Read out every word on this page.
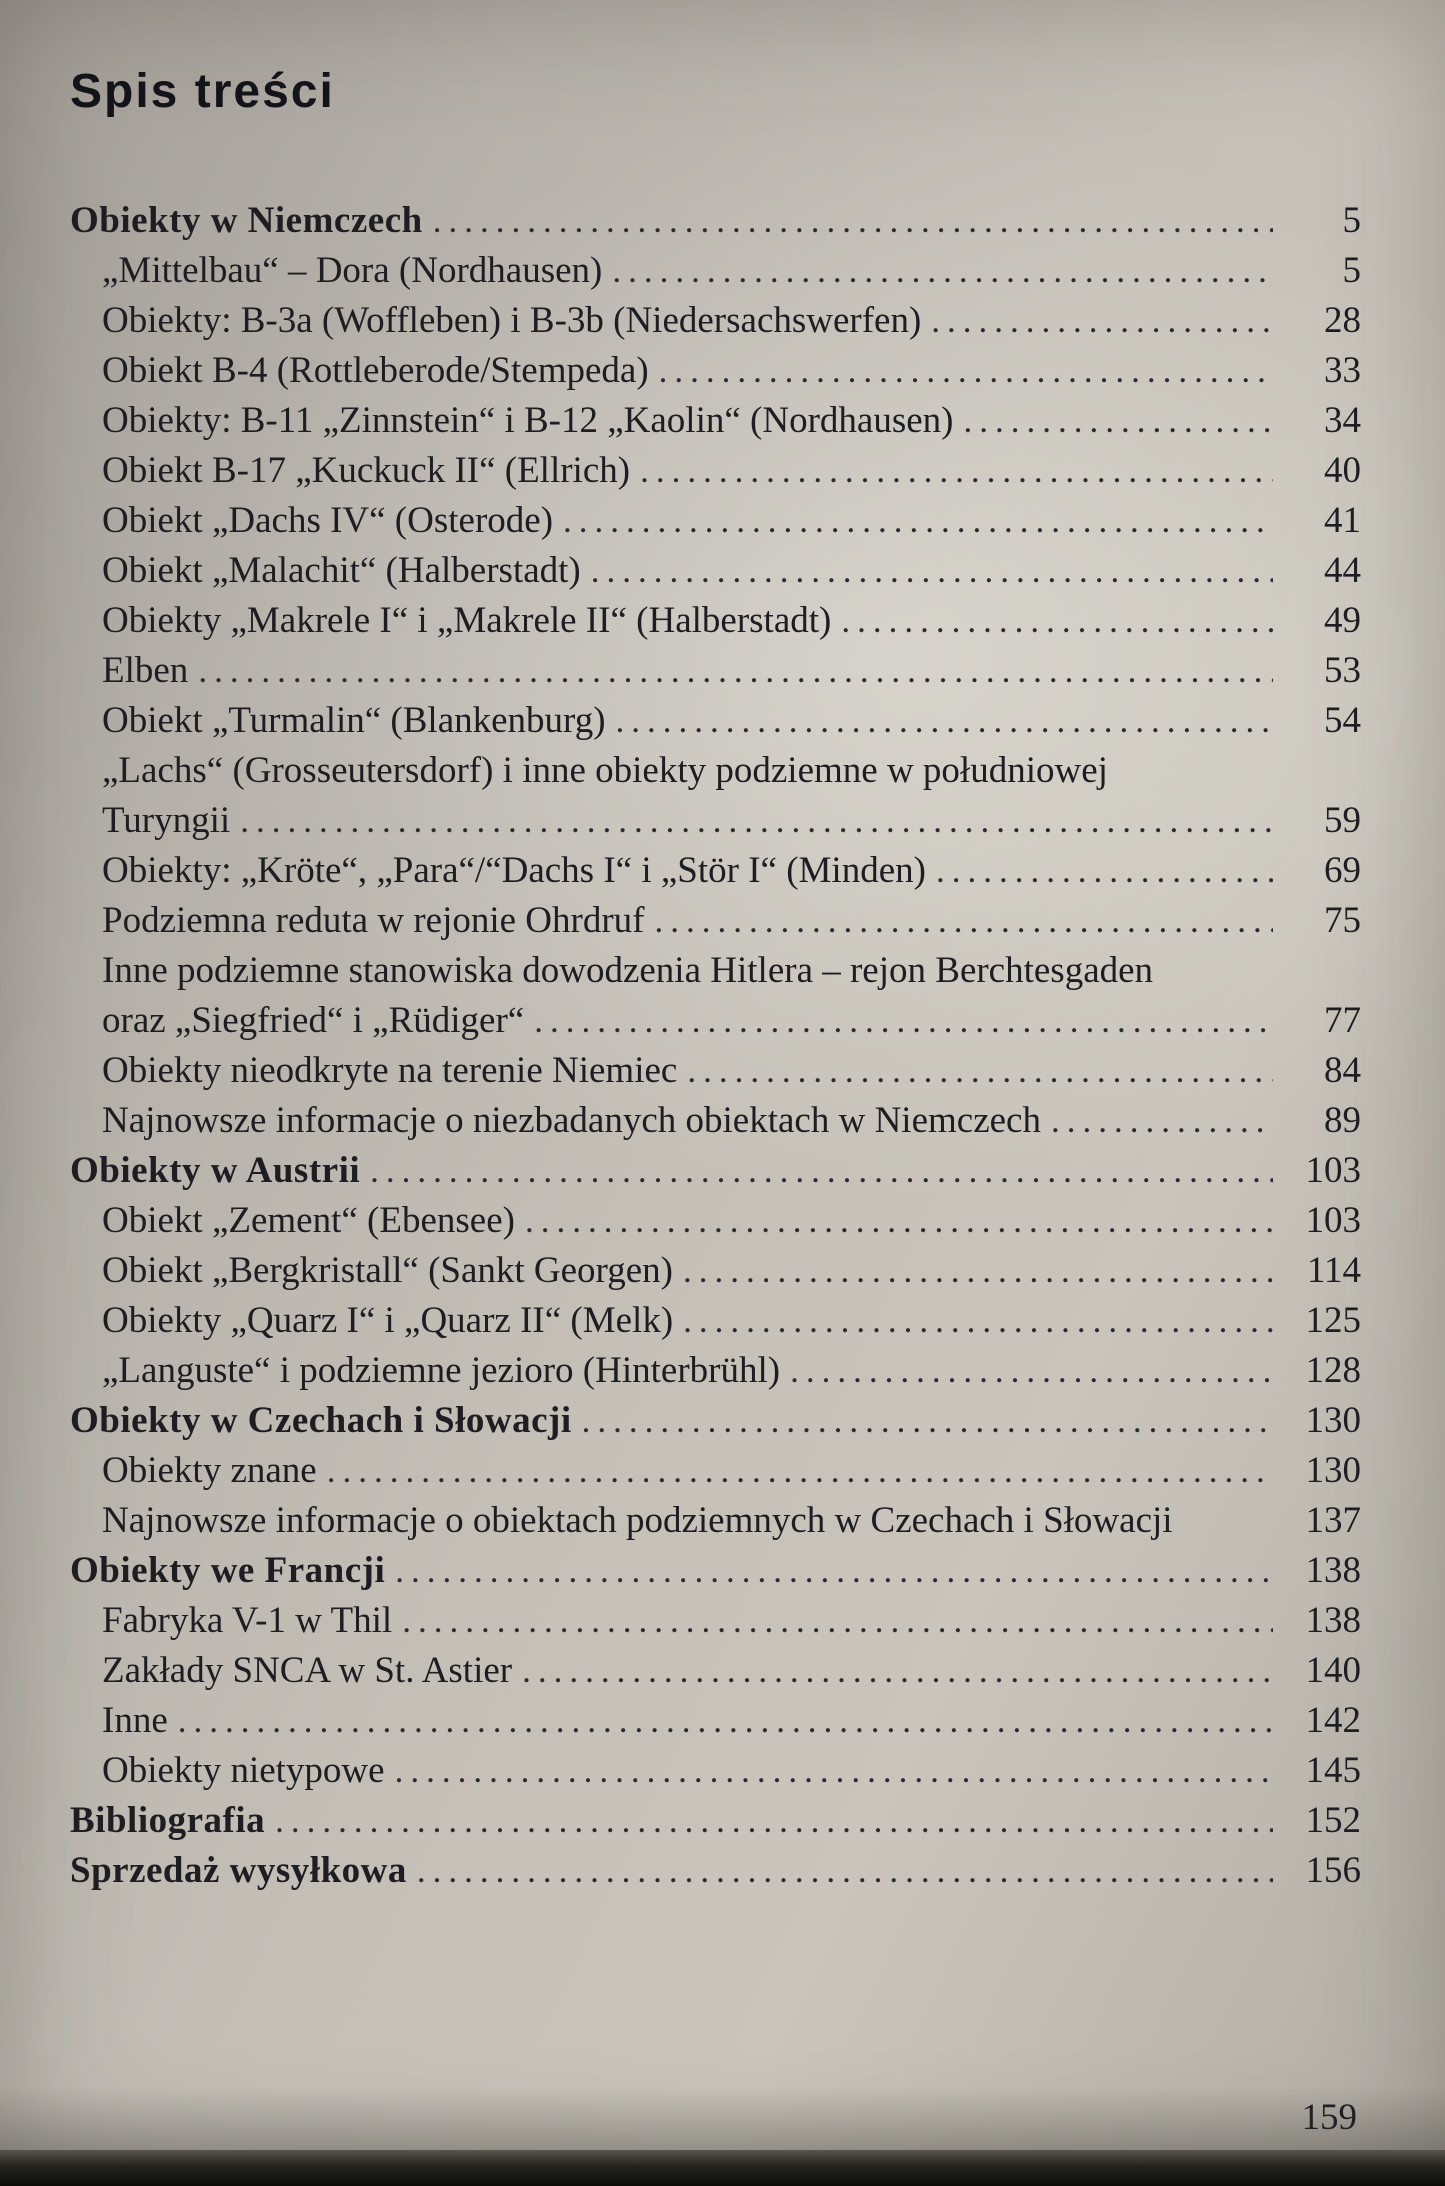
Spis treści
Obiekty w Niemczech .....	5
„Mittelbau“ – Dora (Nordhausen) .....	5
Obiekty: B-3a (Woffleben) i B-3b (Niedersachswerfen) .....	28
Obiekt B-4 (Rottleberode/Stempeda) .....	33
Obiekty: B-11 „Zinnstein“ i B-12 „Kaolin“ (Nordhausen) .....	34
Obiekt B-17 „Kuckuck II“ (Ellrich) .....	40
Obiekt „Dachs IV“ (Osterode) .....	41
Obiekt „Malachit“ (Halberstadt) .....	44
Obiekty „Makrele I“ i „Makrele II“ (Halberstadt) .....	49
Elben .....	53
Obiekt „Turmalin“ (Blankenburg) .....	54
„Lachs“ (Grosseutersdorf) i inne obiekty podziemne w południowej
Turyngii .....	59
Obiekty: „Kröte“, „Para“/“Dachs I“ i „Stör I“ (Minden) .....	69
Podziemna reduta w rejonie Ohrdruf .....	75
Inne podziemne stanowiska dowodzenia Hitlera – rejon Berchtesgaden
oraz „Siegfried“ i „Rüdiger“ .....	77
Obiekty nieodkryte na terenie Niemiec .....	84
Najnowsze informacje o niezbadanych obiektach w Niemczech .....	89
Obiekty w Austrii .....	103
Obiekt „Zement“ (Ebensee) .....	103
Obiekt „Bergkristall“ (Sankt Georgen) .....	114
Obiekty „Quarz I“ i „Quarz II“ (Melk) .....	125
„Languste“ i podziemne jezioro (Hinterbrühl) .....	128
Obiekty w Czechach i Słowacji .....	130
Obiekty znane .....	130
Najnowsze informacje o obiektach podziemnych w Czechach i Słowacji	137
Obiekty we Francji .....	138
Fabryka V-1 w Thil .....	138
Zakłady SNCA w St. Astier .....	140
Inne .....	142
Obiekty nietypowe .....	145
Bibliografia .....	152
Sprzedaż wysyłkowa .....	156
